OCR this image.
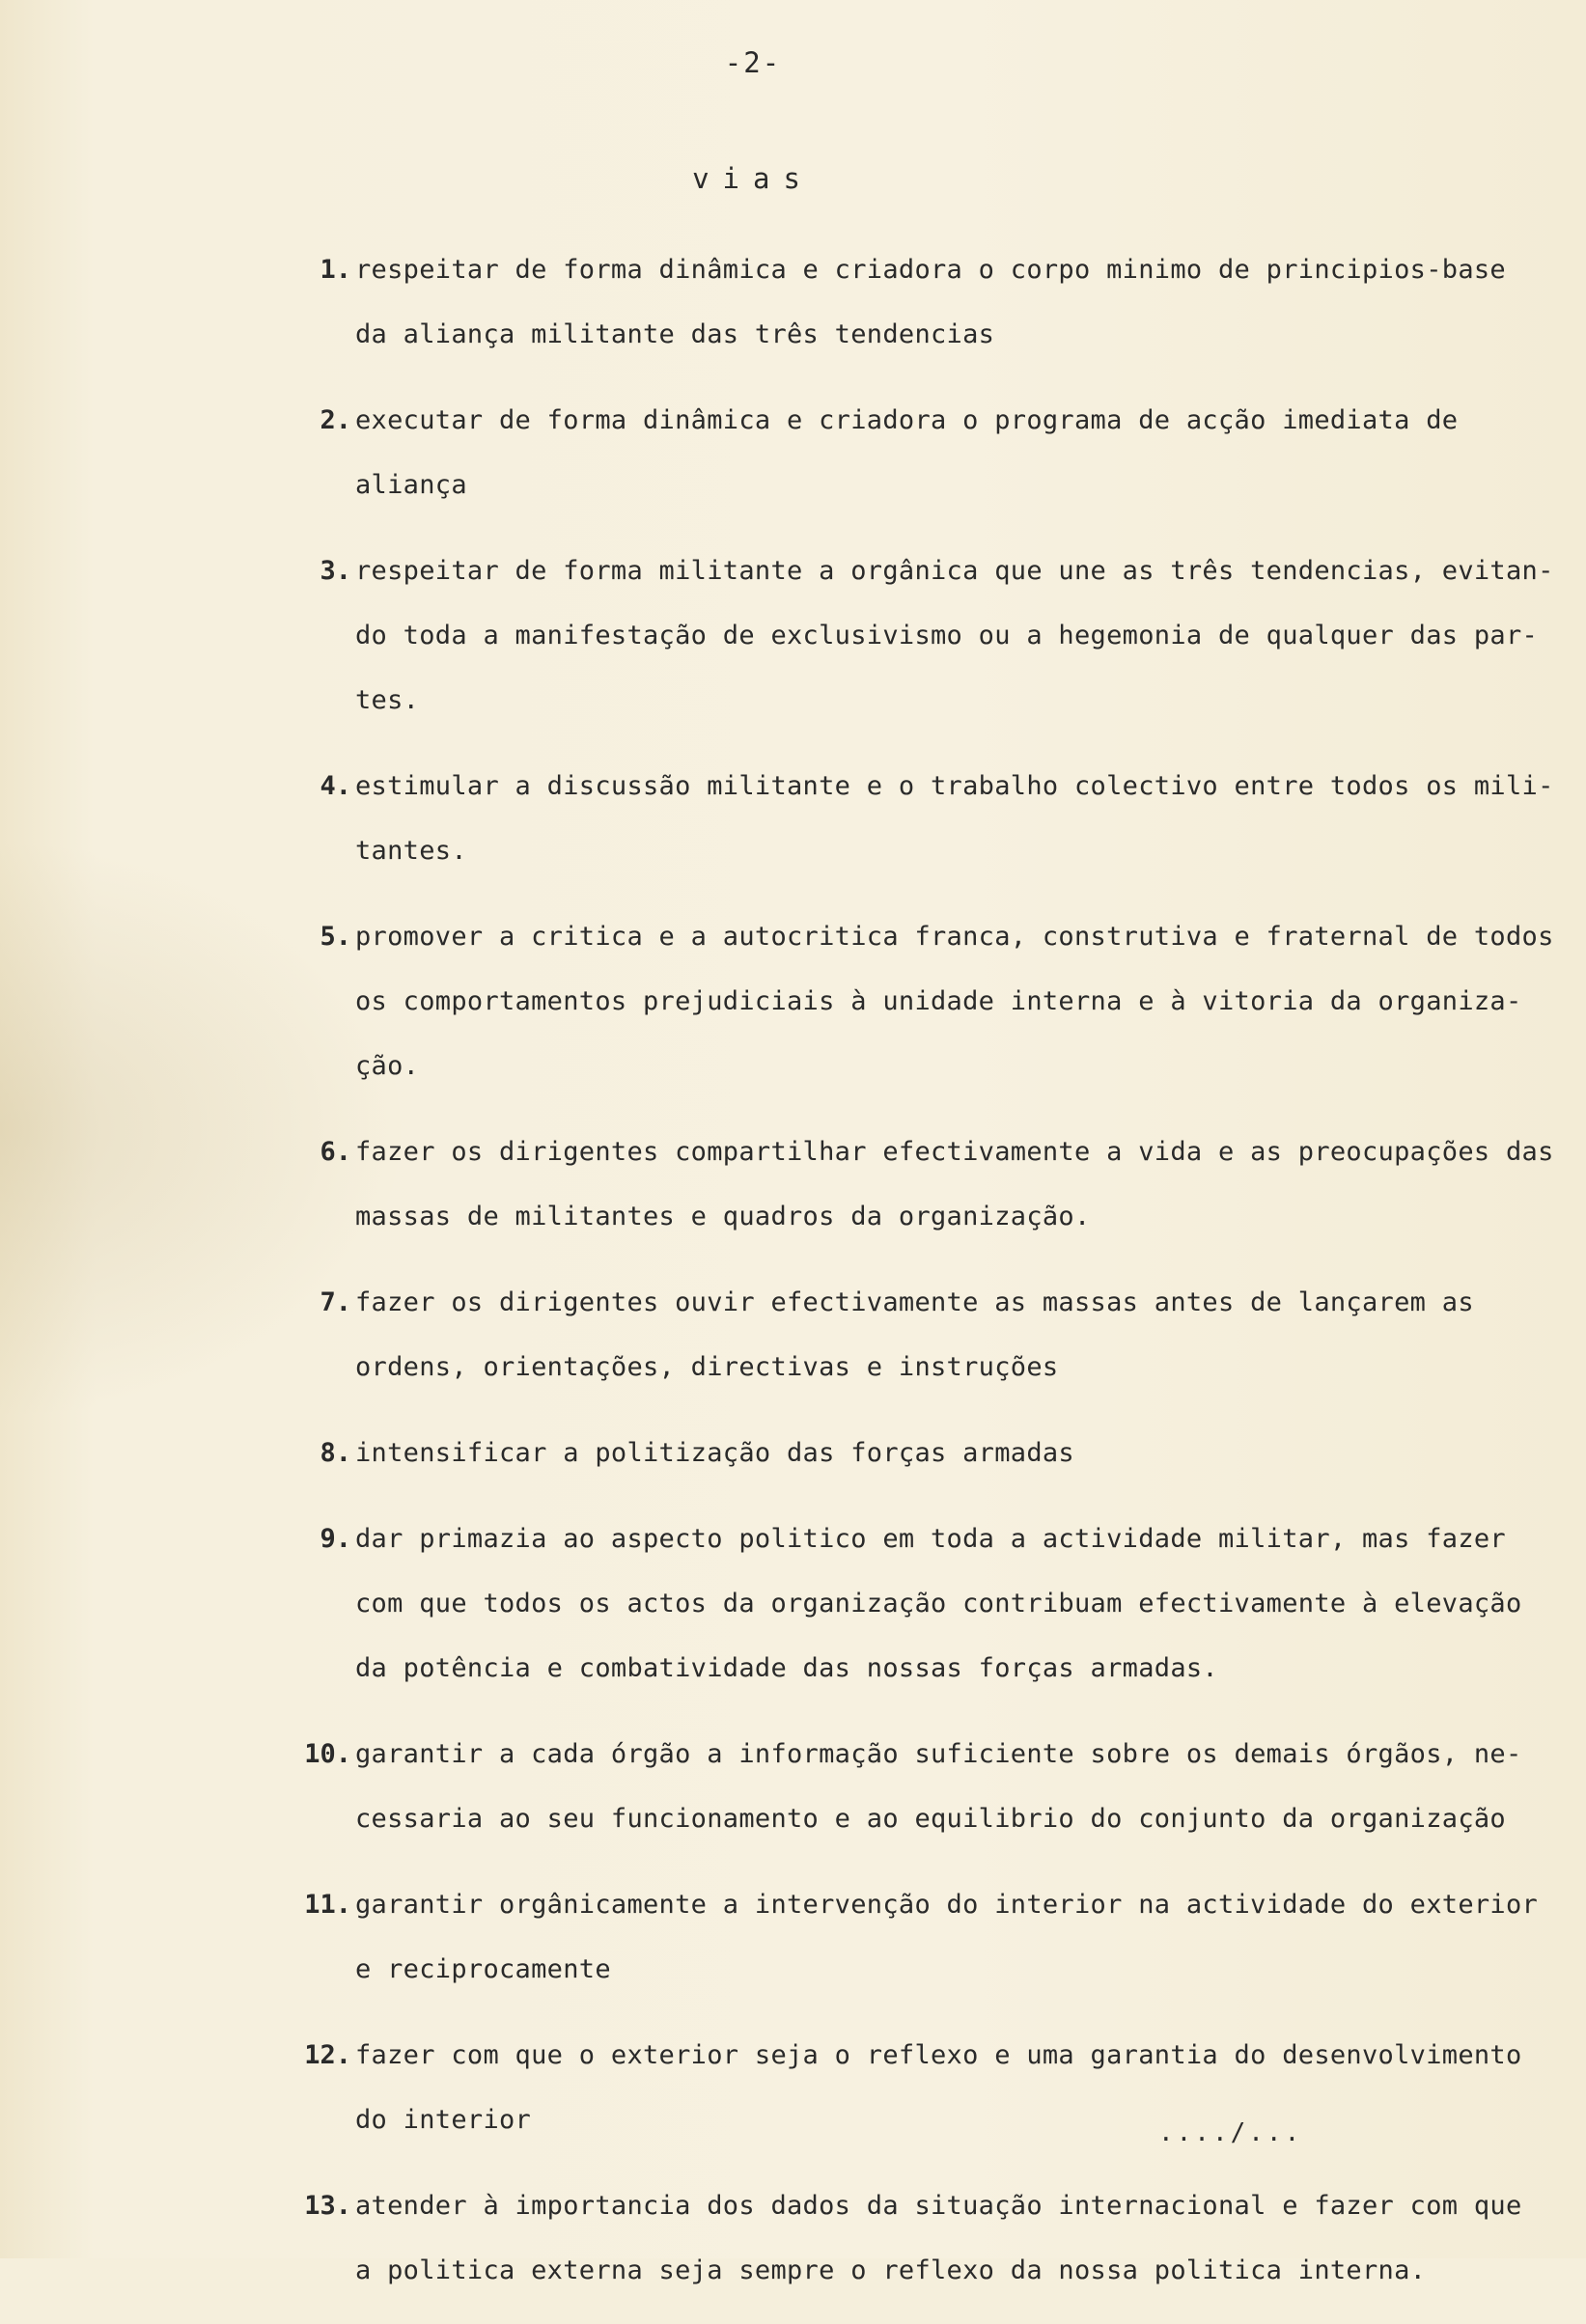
-2-
vias
1. respeitar de forma dinâmica e criadora o corpo minimo de principios-base
da aliança militante das três tendencias
2. executar de forma dinâmica e criadora o programa de acção imediata de
aliança
3. respeitar de forma militante a orgânica que une as três tendencias, evitan-
do toda a manifestação de exclusivismo ou a hegemonia de qualquer das par-
tes.
4. estimular a discussão militante e o trabalho colectivo entre todos os mili-
tantes.
5. promover a critica e a autocritica franca, construtiva e fraternal de todos
os comportamentos prejudiciais à unidade interna e à vitoria da organiza-
ção.
6. fazer os dirigentes compartilhar efectivamente a vida e as preocupações das
massas de militantes e quadros da organização.
7. fazer os dirigentes ouvir efectivamente as massas antes de lançarem as
ordens, orientações, directivas e instruções
8. intensificar a politização das forças armadas
9. dar primazia ao aspecto politico em toda a actividade militar, mas fazer
com que todos os actos da organização contribuam efectivamente à elevação
da potência e combatividade das nossas forças armadas.
10. garantir a cada órgão a informação suficiente sobre os demais órgãos, ne-
cessaria ao seu funcionamento e ao equilibrio do conjunto da organização
11. garantir orgânicamente a intervenção do interior na actividade do exterior
e reciprocamente
12. fazer com que o exterior seja o reflexo e uma garantia do desenvolvimento
do interior
13. atender à importancia dos dados da situação internacional e fazer com que
a politica externa seja sempre o reflexo da nossa politica interna.
..../...
